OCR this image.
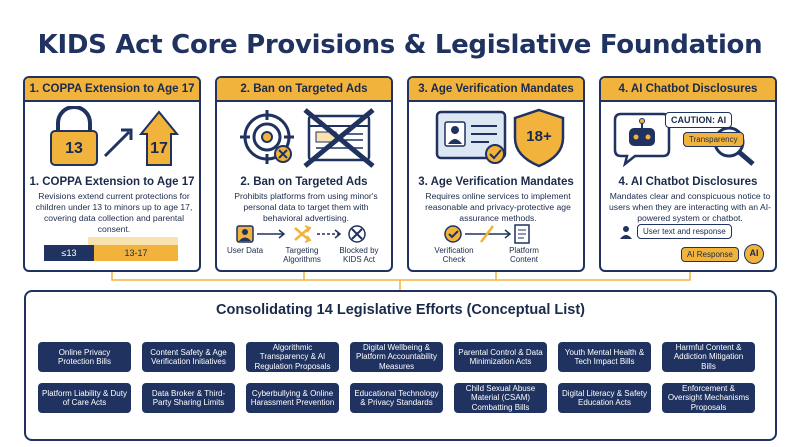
KIDS Act Core Provisions & Legislative Foundation
1. COPPA Extension to Age 17
13	17
1. COPPA Extension to Age 17
Revisions extend current protections for children under 13 to minors up to age 17, covering data collection and parental consent.
≤13	13-17
2. Ban on Targeted Ads
2. Ban on Targeted Ads
Prohibits platforms from using minor's personal data to target them with behavioral advertising.
User Data	Targeting Algorithms
Blocked by KIDS Act
3. Age Verification Mandates
18+
3. Age Verification Mandates
Requires online services to implement reasonable and privacy-protective age assurance methods.
Verification Check
Platform Content
4. AI Chatbot Disclosures
CAUTION: AI
Transparency
4. AI Chatbot Disclosures
Mandates clear and conspicuous notice to users when they are interacting with an AI-powered system or chatbot.
User text and response
AI Response	AI
Consolidating 14 Legislative Efforts (Conceptual List)
Online Privacy Protection Bills
Content Safety & Age Verification Initiatives
Algorithmic Transparency & AI Regulation Proposals
Digital Wellbeing & Platform Accountability Measures
Parental Control & Data Minimization Acts
Youth Mental Health & Tech Impact Bills
Harmful Content & Addiction Mitigation Bills
Platform Liability & Duty of Care Acts
Data Broker & Third-Party Sharing Limits
Cyberbullying & Online Harassment Prevention
Educational Technology & Privacy Standards
Child Sexual Abuse Material (CSAM) Combatting Bills
Digital Literacy & Safety Education Acts
Enforcement & Oversight Mechanisms Proposals
